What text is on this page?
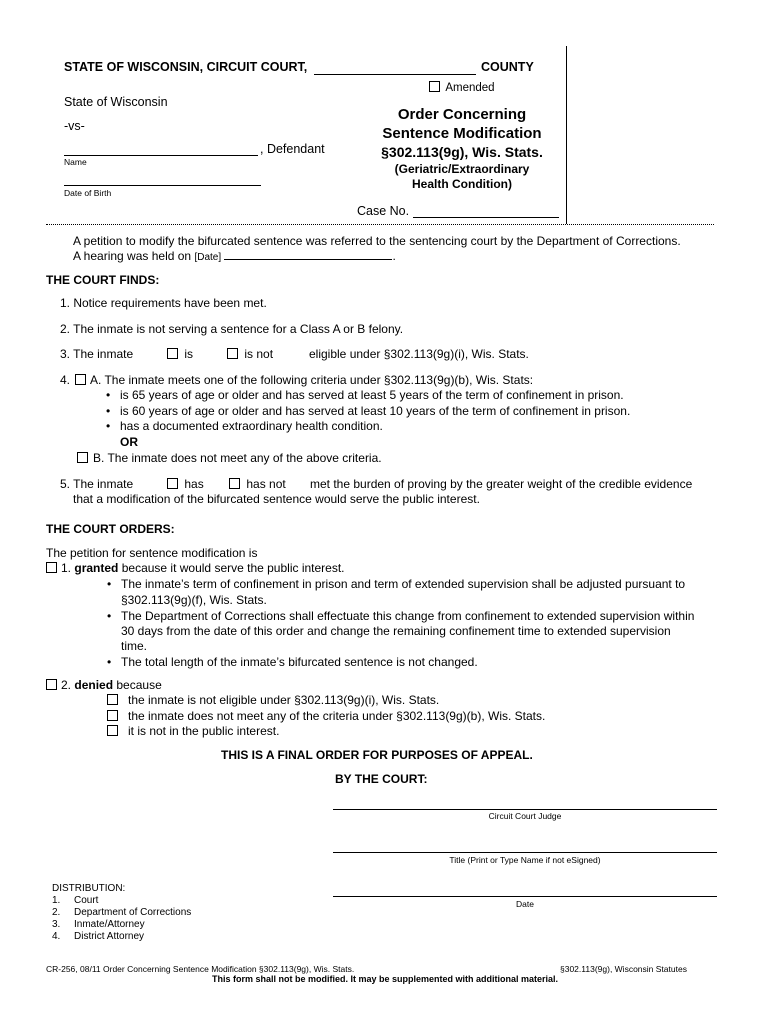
STATE OF WISCONSIN, CIRCUIT COURT,	COUNTY
Amended
State of Wisconsin
-vs-
, Defendant
Name
Date of Birth
Order Concerning
Sentence Modification
§302.113(9g), Wis. Stats.
(Geriatric/Extraordinary
Health Condition)
Case No.
A petition to modify the bifurcated sentence was referred to the sentencing court by the Department of Corrections.
A hearing was held on [Date]	.
THE COURT FINDS:
1. Notice requirements have been met.
2. The inmate is not serving a sentence for a Class A or B felony.
3. The inmate	is	is not	eligible under §302.113(9g)(i), Wis. Stats.
4. A. The inmate meets one of the following criteria under §302.113(9g)(b), Wis. Stats:
• is 65 years of age or older and has served at least 5 years of the term of confinement in prison.
• is 60 years of age or older and has served at least 10 years of the term of confinement in prison.
• has a documented extraordinary health condition.
OR
B. The inmate does not meet any of the above criteria.
5. The inmate	has	has not met the burden of proving by the greater weight of the credible evidence
that a modification of the bifurcated sentence would serve the public interest.
THE COURT ORDERS:
The petition for sentence modification is
1. granted because it would serve the public interest.
• The inmate’s term of confinement in prison and term of extended supervision shall be adjusted pursuant to
§302.113(9g)(f), Wis. Stats.
• The Department of Corrections shall effectuate this change from confinement to extended supervision within
30 days from the date of this order and change the remaining confinement time to extended supervision
time.
• The total length of the inmate’s bifurcated sentence is not changed.
2. denied because
the inmate is not eligible under §302.113(9g)(i), Wis. Stats.
the inmate does not meet any of the criteria under §302.113(9g)(b), Wis. Stats.
it is not in the public interest.
THIS IS A FINAL ORDER FOR PURPOSES OF APPEAL.
BY THE COURT:
Circuit Court Judge
Title (Print or Type Name if not eSigned)
Date
DISTRIBUTION:
1. Court
2. Department of Corrections
3. Inmate/Attorney
4. District Attorney
CR-256, 08/11 Order Concerning Sentence Modification §302.113(9g), Wis. Stats.	§302.113(9g), Wisconsin Statutes
This form shall not be modified. It may be supplemented with additional material.
